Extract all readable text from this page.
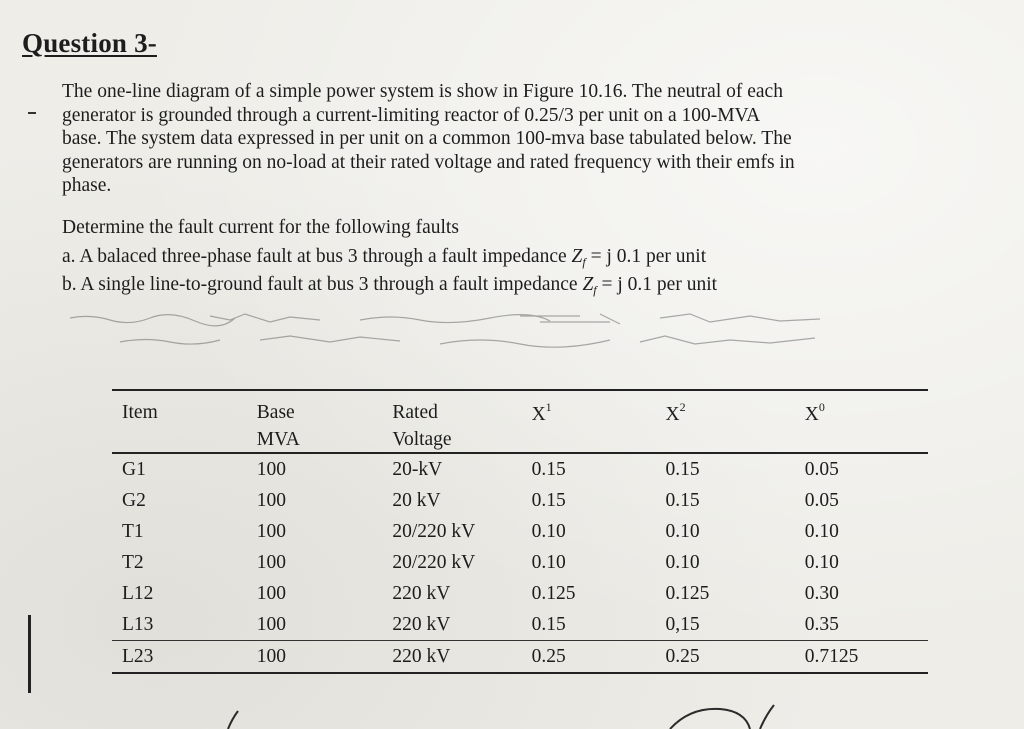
Question 3-

The one-line diagram of a simple power system is show in Figure 10.16. The neutral of each

generator is grounded through a current-limiting reactor of 0.25/3 per unit on a 100-MVA

base. The system data expressed in per unit on a common 100-mva base tabulated below. The

generators are running on no-load at their rated voltage and rated frequency with their emfs in

phase.

Determine the fault current for the following faults
a. A balaced three-phase fault at bus 3 through a fault impedance $Z_f = j$ 0.1 per unit
b. A single line-to-ground fault at bus 3 through a fault impedance $Z_f = j$ 0.1 per unit
Item	Base	Rated	$X^1$	$X^2$	$X^0$
	MVA	Voltage			
G1	100	20-kV	0.15	0.15	0.05
G2	100	20 kV	0.15	0.15	0.05
T1	100	20/220 kV	0.10	0.10	0.10
T2	100	20/220 kV	0.10	0.10	0.10
L12	100	220 kV	0.125	0.125	0.30
L13	100	220 kV	0.15	0,15	0.35
L23	100	220 kV	0.25	0.25	0.7125
